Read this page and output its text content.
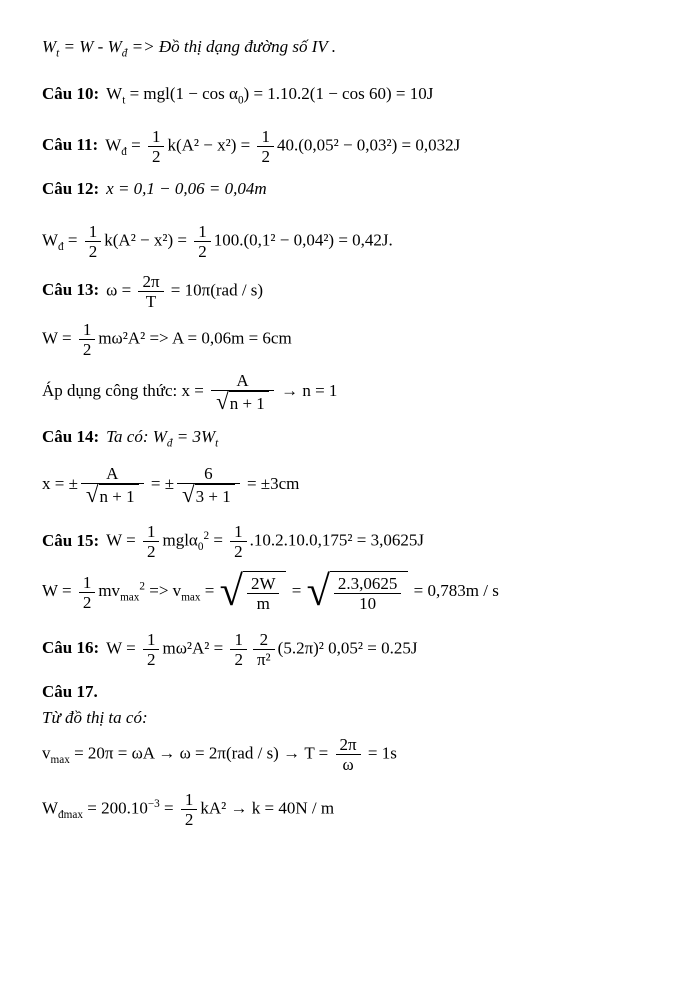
$W_t = W - W_đ$ => Đồ thị dạng đường số IV .

Câu 10: $W_t = mgl(1 - \cos \alpha_0) = 1.10.2(1 - \cos 60) = 10J$

Câu 11: $W_đ = \frac{1}{2} k(A^2 - x^2) = \frac{1}{2} 40.(0,05^2 - 0,03^2) = 0,032J$

Câu 12: x = 0,1 − 0,06 = 0,04m

$W_đ = \frac{1}{2} k(A^2 - x^2) = \frac{1}{2} 100.(0,1^2 - 0,04^2) = 0,42J$.

Câu 13: $\omega = \frac{2\pi}{T} = 10\pi(rad / s)$

$W = \frac{1}{2} m\omega^2A^2 => A = 0,06m = 6cm$

Áp dụng công thức: $x = \frac{A}{√ n + 1} \to n = 1$

Câu 14: Ta có: $W_đ = 3W_t$

x = ± $\frac{A}{√ n + 1}$ = ± $\frac{6}{√ 3 + 1} = \pm 3cm$

Câu 15: $W = \frac{1}{2} mgl\alpha_0^2 = \frac{1}{2} .10.2.10.0,175^2 = 3,0625J$

$W = \frac{1}{2} mv_{max}^2 => v_{max}$ = √ $\frac{2W}{m}$ = √ $\frac{2.3,0625}{10} = 0,783m / s$

Câu 16: $W = \frac{1}{2} m\omega^2A^2 = \frac{1}{2} \frac{2}{\text{π²}} (5.2\pi)^2$ 0,05² = 0.25J

Câu 17.

Từ đồ thị ta có:

$v_{max} = 20\pi = \omega A \to \omega = 2\pi(rad / s) \to T = \frac{2\pi}{\omega} = 1s$

$W_{đmax} = 200.10^{-3} = \frac{1}{2} kA^2 \to k = 40N / m$
